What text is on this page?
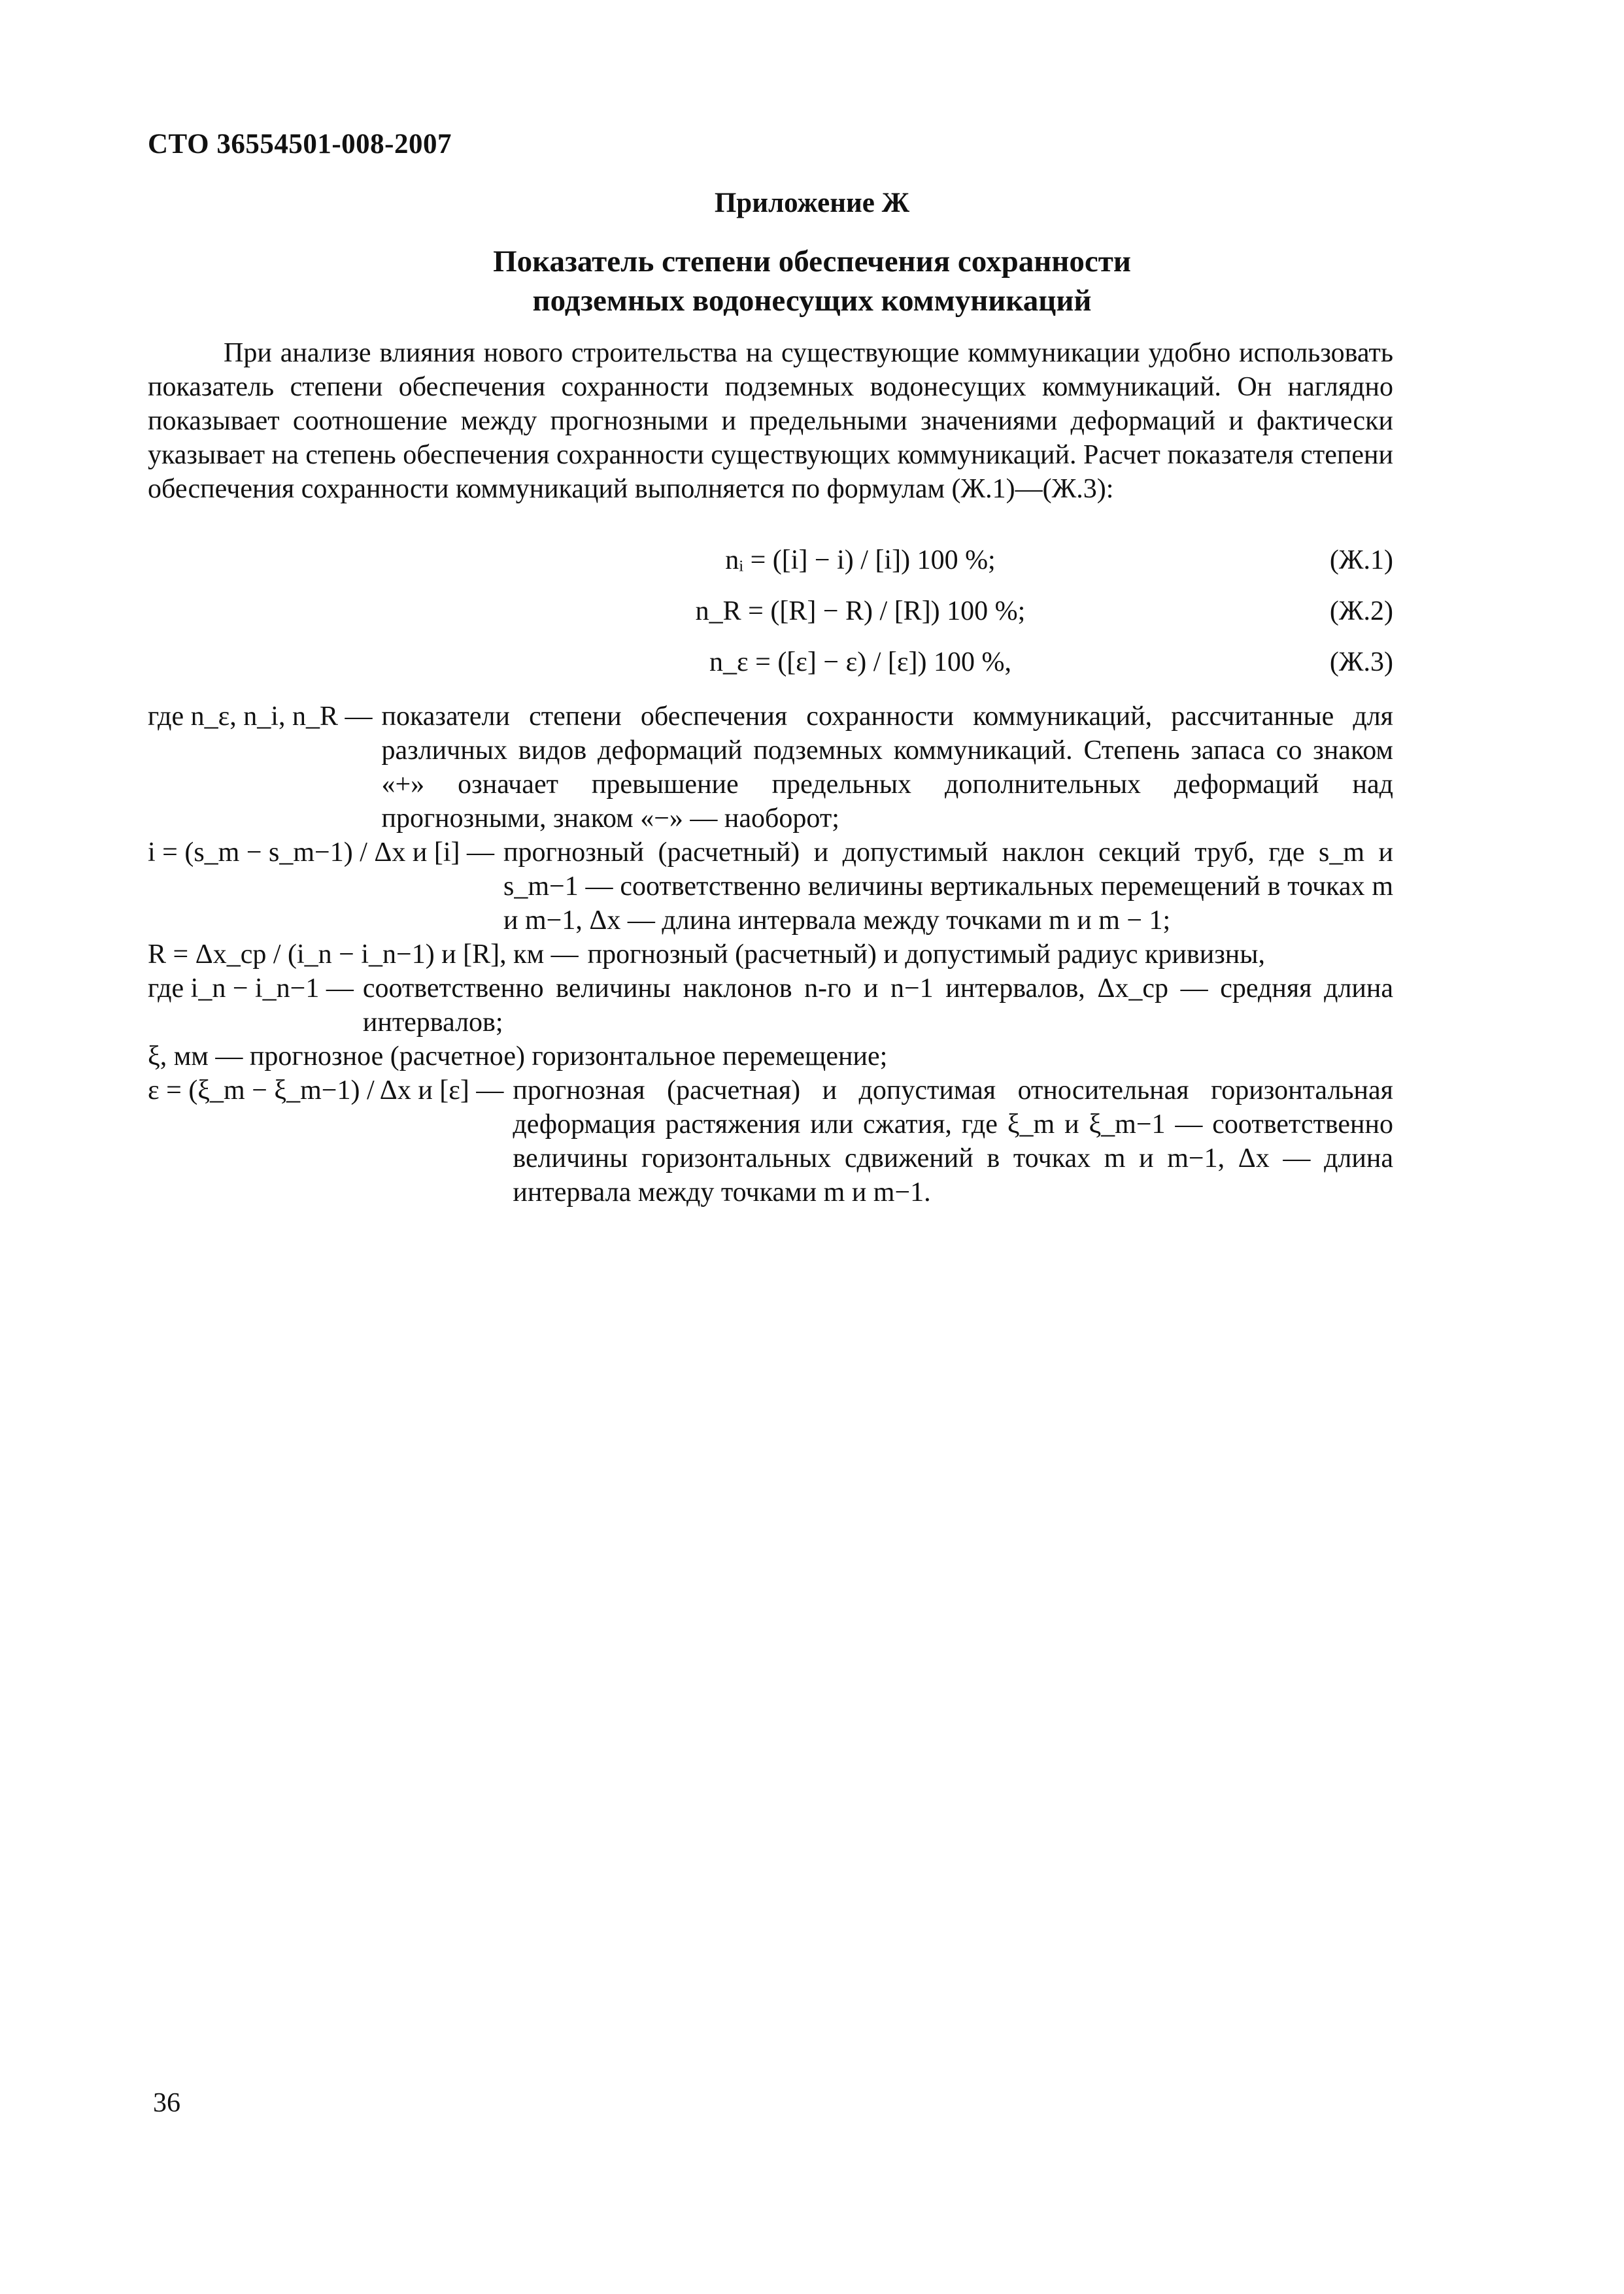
СТО 36554501-008-2007
Приложение Ж
Показатель степени обеспечения сохранности
подземных водонесущих коммуникаций

При анализе влияния нового строительства на существующие коммуникации удобно использовать показатель степени обеспечения сохранности подземных водонесущих коммуникаций. Он наглядно показывает соотношение между прогнозными и предельными значениями деформаций и фактически указывает на степень обеспечения сохранности существующих коммуникаций. Расчет показателя степени обеспечения сохранности коммуникаций выполняется по формулам (Ж.1)—(Ж.3):

nᵢ = ([i] − i) / [i]) 100 %;	(Ж.1)
n_R = ([R] − R) / [R]) 100 %;	(Ж.2)
n_ε = ([ε] − ε) / [ε]) 100 %,	(Ж.3)
где n_ε, n_i, n_R — показатели степени обеспечения сохранности коммуникаций, рассчитанные для различных видов деформаций подземных коммуникаций. Степень запаса со знаком «+» означает превышение предельных дополнительных деформаций над прогнозными, знаком «−» — наоборот;
i = (s_m − s_m−1) / Δx и [i] — прогнозный (расчетный) и допустимый наклон секций труб, где s_m и s_m−1 — соответственно величины вертикальных перемещений в точках m и m−1, Δx — длина интервала между точками m и m − 1;
R = Δx_ср / (i_n − i_n−1) и [R], км — прогнозный (расчетный) и допустимый радиус кривизны,
где i_n − i_n−1 — соответственно величины наклонов n-го и n−1 интервалов, Δx_ср — средняя длина интервалов;
ξ, мм — прогнозное (расчетное) горизонтальное перемещение;
ε = (ξ_m − ξ_m−1) / Δx и [ε] — прогнозная (расчетная) и допустимая относительная горизонтальная деформация растяжения или сжатия, где ξ_m и ξ_m−1 — соответственно величины горизонтальных сдвижений в точках m и m−1, Δx — длина интервала между точками m и m−1.
36
